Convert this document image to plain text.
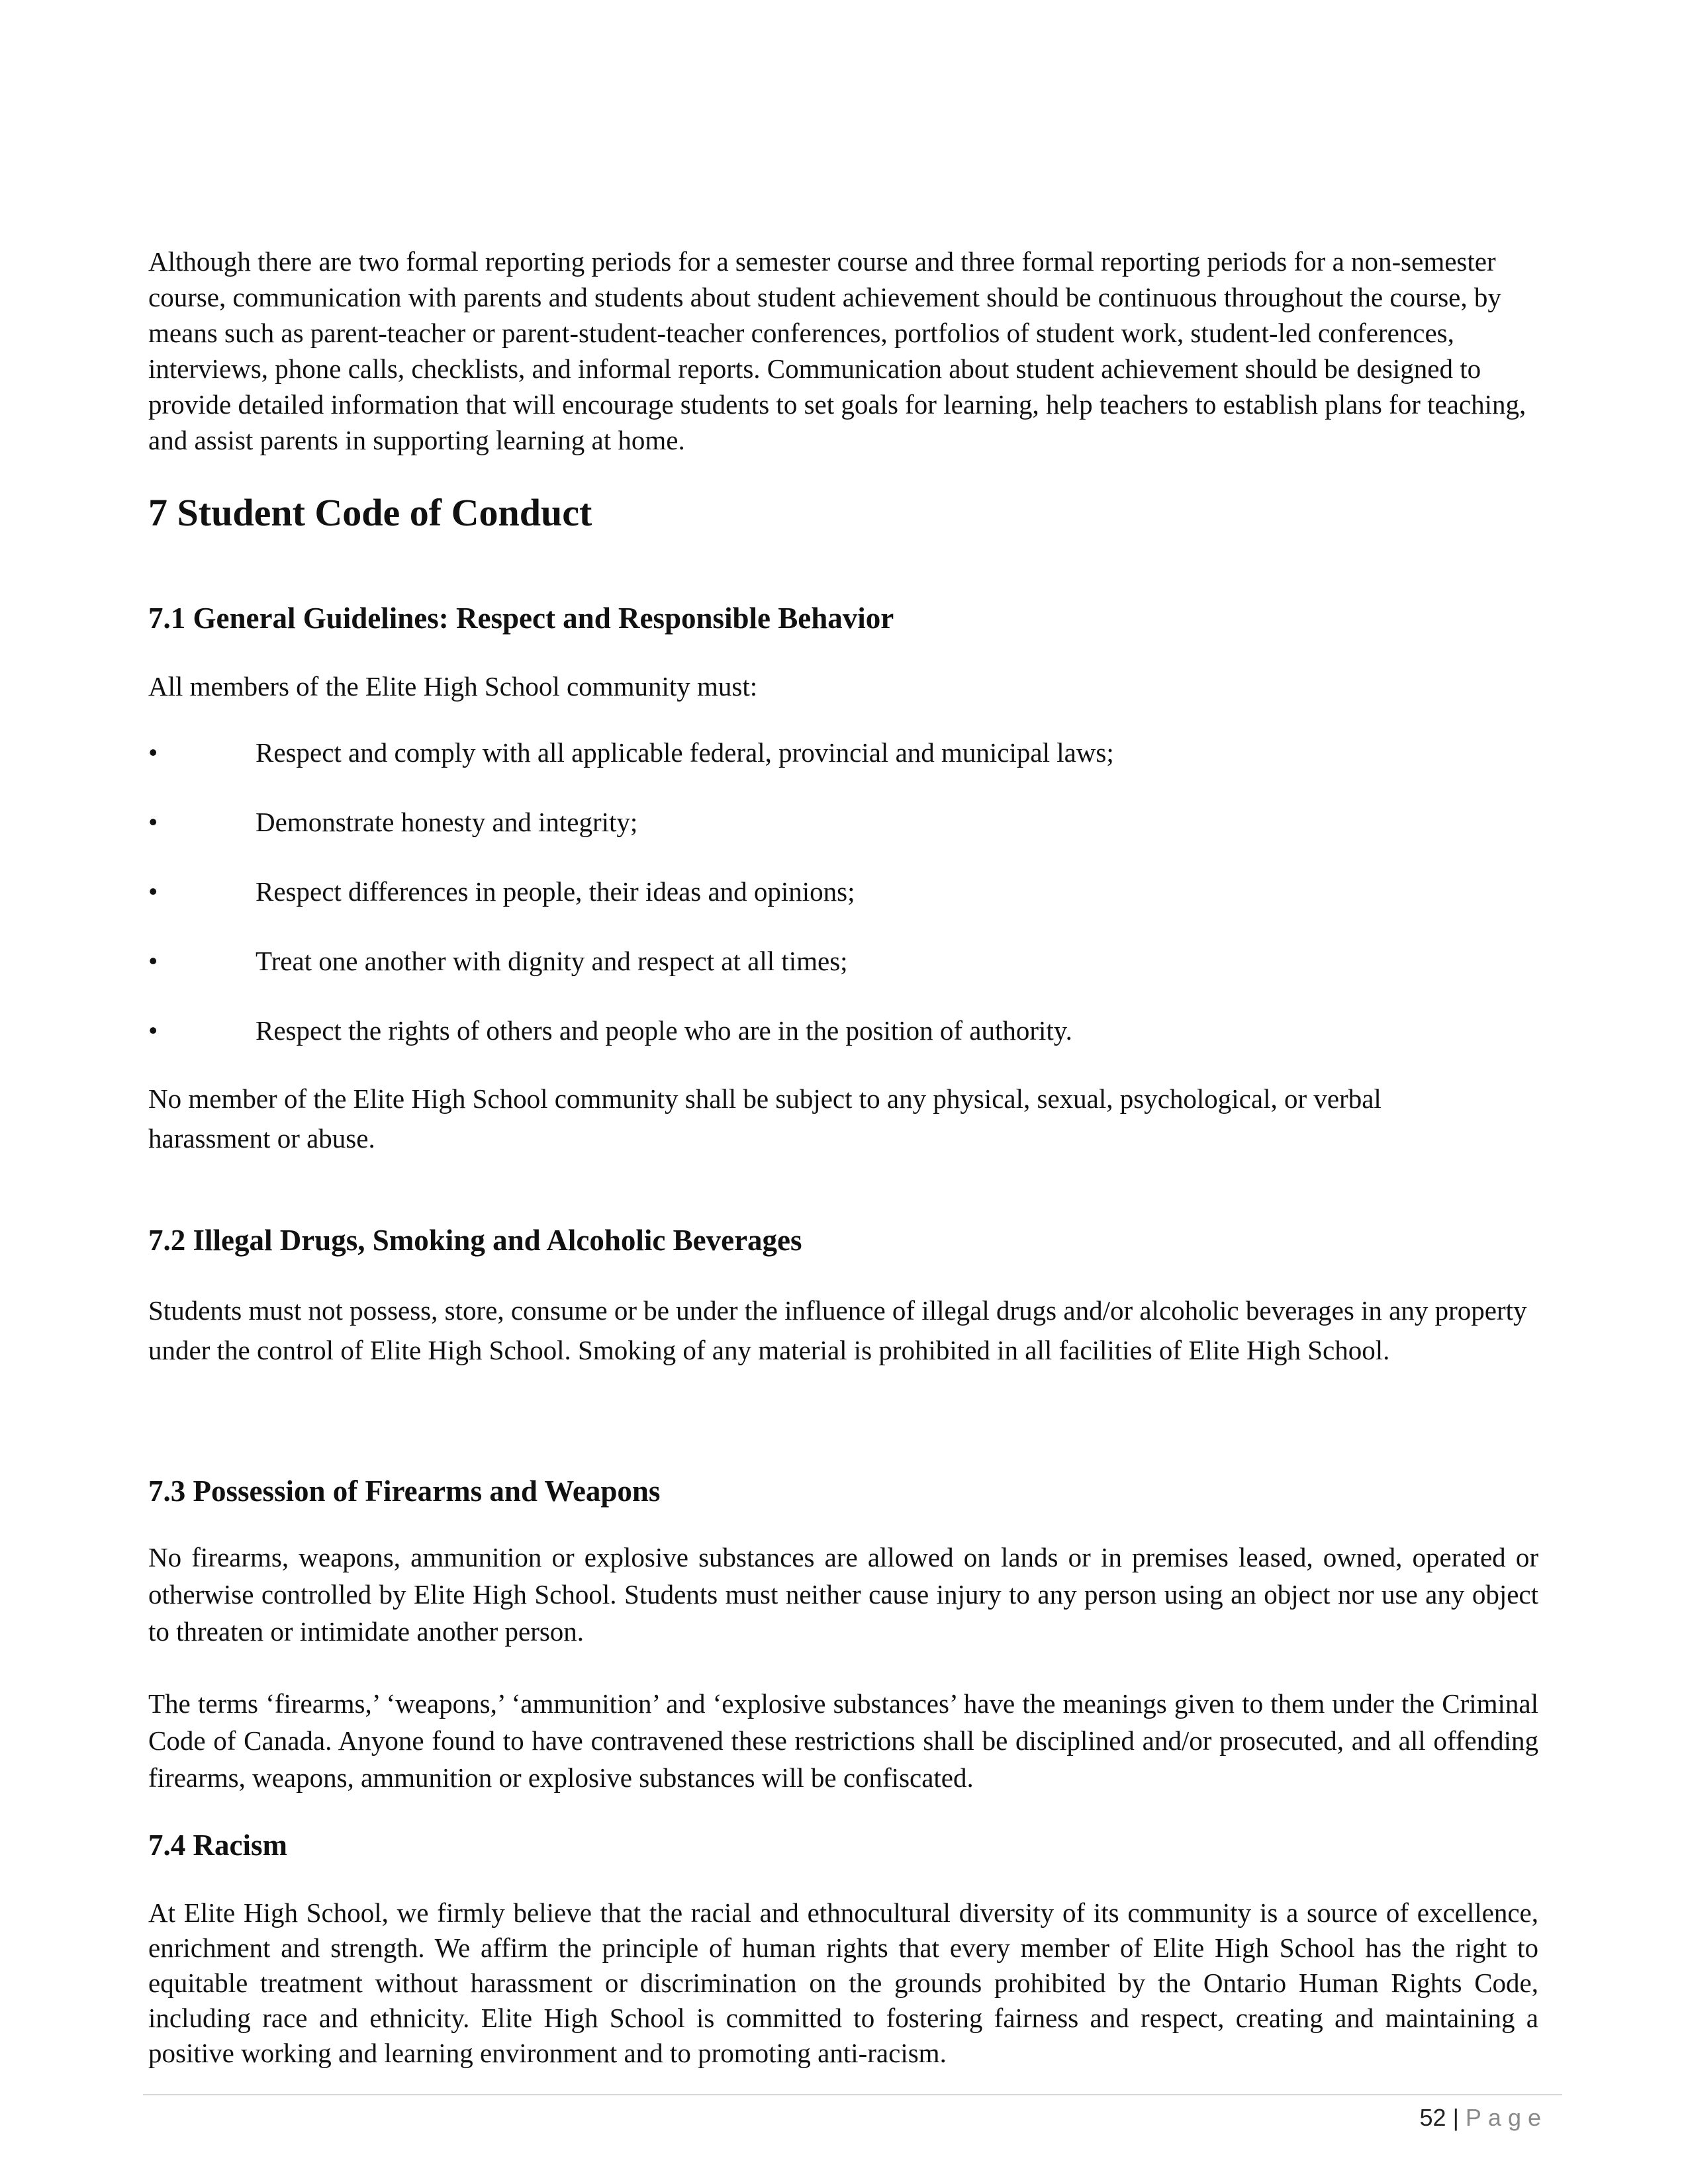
Although there are two formal reporting periods for a semester course and three formal reporting periods for a non-semester course, communication with parents and students about student achievement should be continuous throughout the course, by means such as parent-teacher or parent-student-teacher conferences, portfolios of student work, student-led conferences, interviews, phone calls, checklists, and informal reports. Communication about student achievement should be designed to provide detailed information that will encourage students to set goals for learning, help teachers to establish plans for teaching, and assist parents in supporting learning at home.

7 Student Code of Conduct
7.1 General Guidelines: Respect and Responsible Behavior

All members of the Elite High School community must:

•	Respect and comply with all applicable federal, provincial and municipal laws;
•	Demonstrate honesty and integrity;
•	Respect differences in people, their ideas and opinions;
•	Treat one another with dignity and respect at all times;
•	Respect the rights of others and people who are in the position of authority.

No member of the Elite High School community shall be subject to any physical, sexual, psychological, or verbal harassment or abuse.

7.2 Illegal Drugs, Smoking and Alcoholic Beverages

Students must not possess, store, consume or be under the influence of illegal drugs and/or alcoholic beverages in any property under the control of Elite High School. Smoking of any material is prohibited in all facilities of Elite High School.

7.3 Possession of Firearms and Weapons

No firearms, weapons, ammunition or explosive substances are allowed on lands or in premises leased, owned, operated or otherwise controlled by Elite High School. Students must neither cause injury to any person using an object nor use any object to threaten or intimidate another person.

The terms ‘firearms,’ ‘weapons,’ ‘ammunition’ and ‘explosive substances’ have the meanings given to them under the Criminal Code of Canada. Anyone found to have contravened these restrictions shall be disciplined and/or prosecuted, and all offending firearms, weapons, ammunition or explosive substances will be confiscated.

7.4 Racism

At Elite High School, we firmly believe that the racial and ethnocultural diversity of its community is a source of excellence, enrichment and strength. We affirm the principle of human rights that every member of Elite High School has the right to equitable treatment without harassment or discrimination on the grounds prohibited by the Ontario Human Rights Code, including race and ethnicity. Elite High School is committed to fostering fairness and respect, creating and maintaining a positive working and learning environment and to promoting anti-racism.

52 | Page
